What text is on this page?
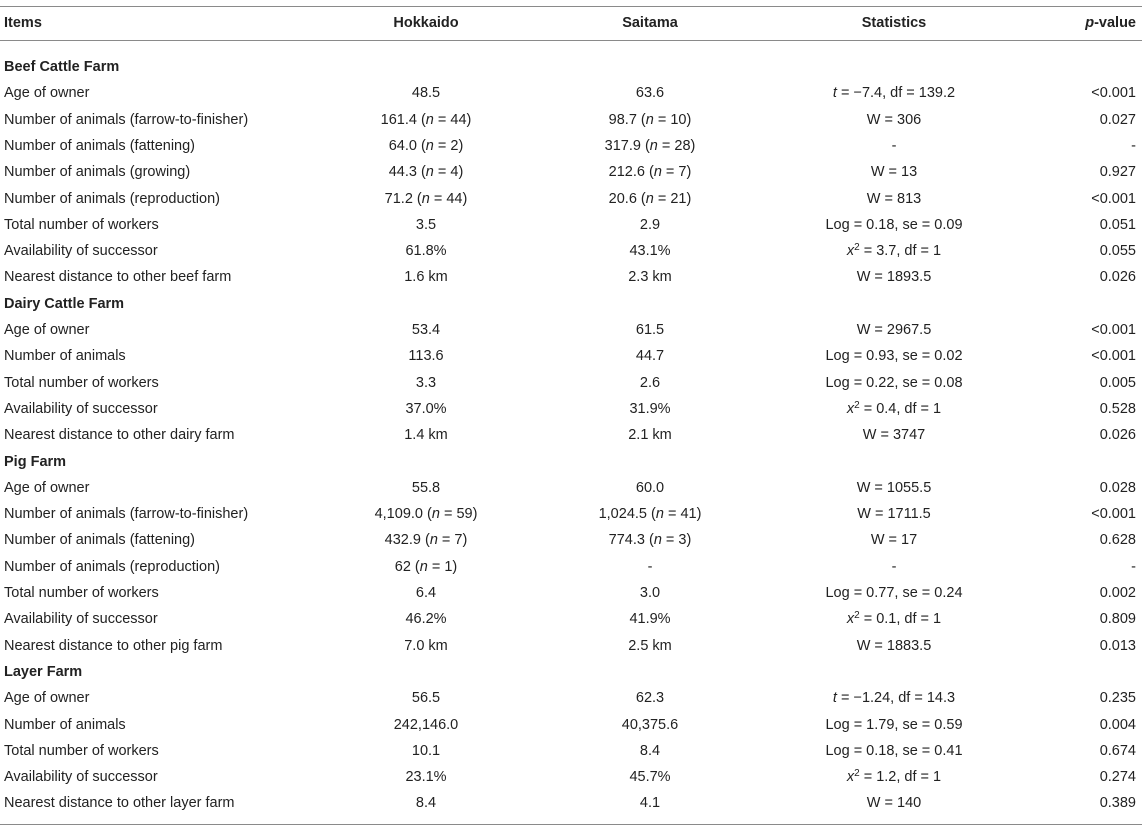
Items	Hokkaido	Saitama	Statistics	p-value
Beef Cattle Farm
Age of owner	48.5	63.6	t = −7.4, df = 139.2	<0.001
Number of animals (farrow-to-finisher)	161.4 (n = 44)	98.7 (n = 10)	W = 306	0.027
Number of animals (fattening)	64.0 (n = 2)	317.9 (n = 28)	-	-
Number of animals (growing)	44.3 (n = 4)	212.6 (n = 7)	W = 13	0.927
Number of animals (reproduction)	71.2 (n = 44)	20.6 (n = 21)	W = 813	<0.001
Total number of workers	3.5	2.9	Log = 0.18, se = 0.09	0.051
Availability of successor	61.8%	43.1%	$x^2 = 3.7$, df = 1	0.055
Nearest distance to other beef farm	1.6 km	2.3 km	W = 1893.5	0.026
Dairy Cattle Farm
Age of owner	53.4	61.5	W = 2967.5	<0.001
Number of animals	113.6	44.7	Log = 0.93, se = 0.02	<0.001
Total number of workers	3.3	2.6	Log = 0.22, se = 0.08	0.005
Availability of successor	37.0%	31.9%	$x^2 = 0.4$, df = 1	0.528
Nearest distance to other dairy farm	1.4 km	2.1 km	W = 3747	0.026
Pig Farm
Age of owner	55.8	60.0	W = 1055.5	0.028
Number of animals (farrow-to-finisher)	4,109.0 (n = 59)	1,024.5 (n = 41)	W = 1711.5	<0.001
Number of animals (fattening)	432.9 (n = 7)	774.3 (n = 3)	W = 17	0.628
Number of animals (reproduction)	62 (n = 1)	-	-	-
Total number of workers	6.4	3.0	Log = 0.77, se = 0.24	0.002
Availability of successor	46.2%	41.9%	$x^2 = 0.1$, df = 1	0.809
Nearest distance to other pig farm	7.0 km	2.5 km	W = 1883.5	0.013
Layer Farm
Age of owner	56.5	62.3	t = −1.24, df = 14.3	0.235
Number of animals	242,146.0	40,375.6	Log = 1.79, se = 0.59	0.004
Total number of workers	10.1	8.4	Log = 0.18, se = 0.41	0.674
Availability of successor	23.1%	45.7%	$x^2 = 1.2$, df = 1	0.274
Nearest distance to other layer farm	8.4	4.1	W = 140	0.389
